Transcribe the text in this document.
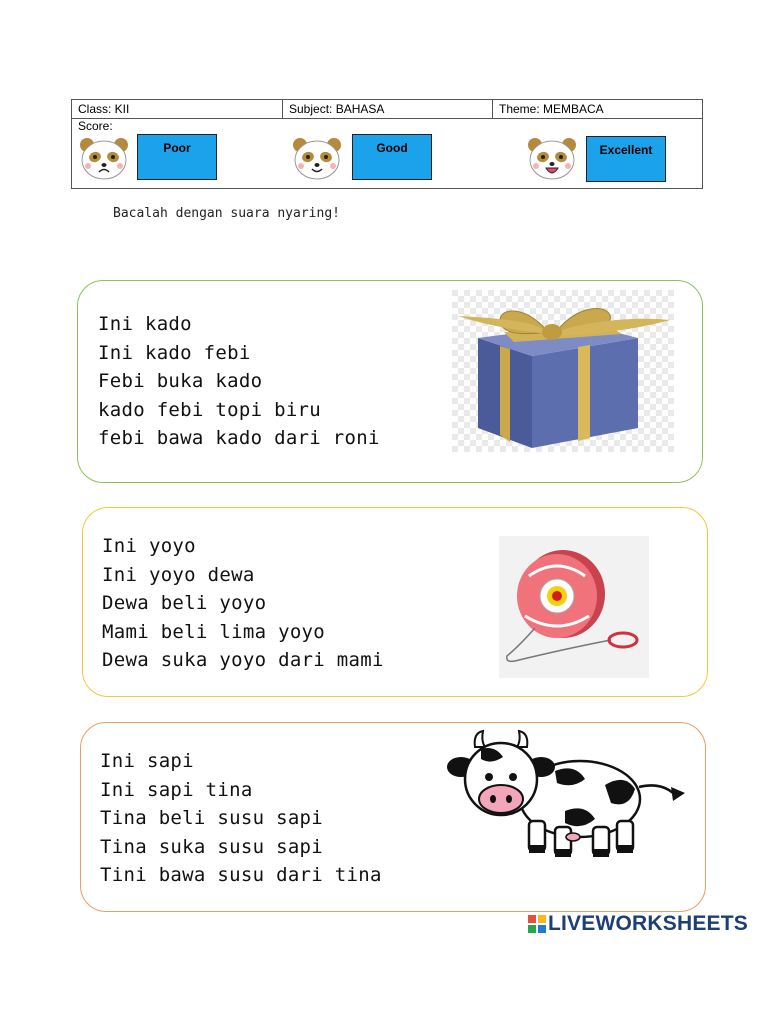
Class: KII	Subject: BAHASA	Theme: MEMBACA
Score:
Poor	Good	Excellent
Bacalah dengan suara nyaring!
Ini kado
Ini kado febi
Febi buka kado
kado febi topi biru
febi bawa kado dari roni
Ini yoyo
Ini yoyo dewa
Dewa beli yoyo
Mami beli lima yoyo
Dewa suka yoyo dari mami
Ini sapi
Ini sapi tina
Tina beli susu sapi
Tina suka susu sapi
Tini bawa susu dari tina
LIVEWORKSHEETS
